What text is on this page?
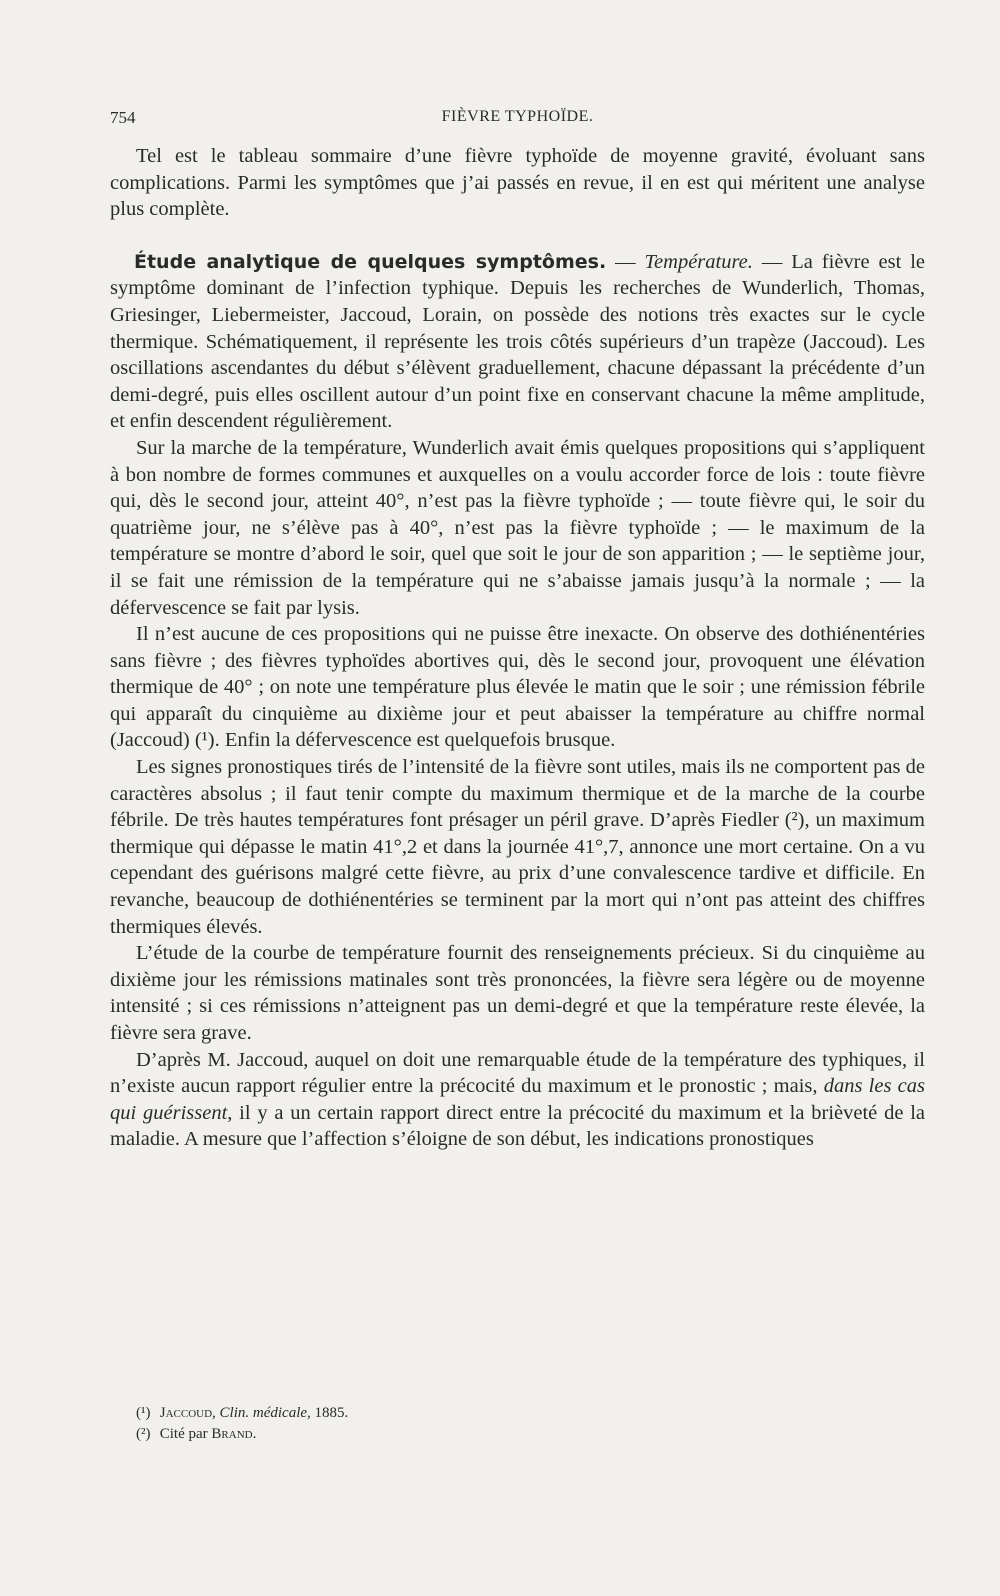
754	FIÈVRE TYPHOÏDE.

Tel est le tableau sommaire d’une fièvre typhoïde de moyenne gravité, évoluant sans complications. Parmi les symptômes que j’ai passés en revue, il en est qui méritent une analyse plus complète.

Étude analytique de quelques symptômes. — Température. — La fièvre est le symptôme dominant de l’infection typhique. Depuis les recherches de Wunderlich, Thomas, Griesinger, Liebermeister, Jaccoud, Lorain, on possède des notions très exactes sur le cycle thermique. Schématiquement, il représente les trois côtés supérieurs d’un trapèze (Jaccoud). Les oscillations ascendantes du début s’élèvent graduellement, chacune dépassant la précédente d’un demi-degré, puis elles oscillent autour d’un point fixe en conservant chacune la même amplitude, et enfin descendent régulièrement.

Sur la marche de la température, Wunderlich avait émis quelques propositions qui s’appliquent à bon nombre de formes communes et auxquelles on a voulu accorder force de lois : toute fièvre qui, dès le second jour, atteint 40°, n’est pas la fièvre typhoïde ; — toute fièvre qui, le soir du quatrième jour, ne s’élève pas à 40°, n’est pas la fièvre typhoïde ; — le maximum de la température se montre d’abord le soir, quel que soit le jour de son apparition ; — le septième jour, il se fait une rémission de la température qui ne s’abaisse jamais jusqu’à la normale ; — la défervescence se fait par lysis.

Il n’est aucune de ces propositions qui ne puisse être inexacte. On observe des dothiénentéries sans fièvre ; des fièvres typhoïdes abortives qui, dès le second jour, provoquent une élévation thermique de 40° ; on note une température plus élevée le matin que le soir ; une rémission fébrile qui apparaît du cinquième au dixième jour et peut abaisser la température au chiffre normal (Jaccoud) (¹). Enfin la défervescence est quelquefois brusque.

Les signes pronostiques tirés de l’intensité de la fièvre sont utiles, mais ils ne comportent pas de caractères absolus ; il faut tenir compte du maximum thermique et de la marche de la courbe fébrile. De très hautes températures font présager un péril grave. D’après Fiedler (²), un maximum thermique qui dépasse le matin 41°,2 et dans la journée 41°,7, annonce une mort certaine. On a vu cependant des guérisons malgré cette fièvre, au prix d’une convalescence tardive et difficile. En revanche, beaucoup de dothiénentéries se terminent par la mort qui n’ont pas atteint des chiffres thermiques élevés.

L’étude de la courbe de température fournit des renseignements précieux. Si du cinquième au dixième jour les rémissions matinales sont très prononcées, la fièvre sera légère ou de moyenne intensité ; si ces rémissions n’atteignent pas un demi-degré et que la température reste élevée, la fièvre sera grave.

D’après M. Jaccoud, auquel on doit une remarquable étude de la température des typhiques, il n’existe aucun rapport régulier entre la précocité du maximum et le pronostic ; mais, dans les cas qui guérissent, il y a un certain rapport direct entre la précocité du maximum et la brièveté de la maladie. A mesure que l’affection s’éloigne de son début, les indications pronostiques

(¹) Jaccoud, Clin. médicale, 1885.
(²) Cité par Brand.
